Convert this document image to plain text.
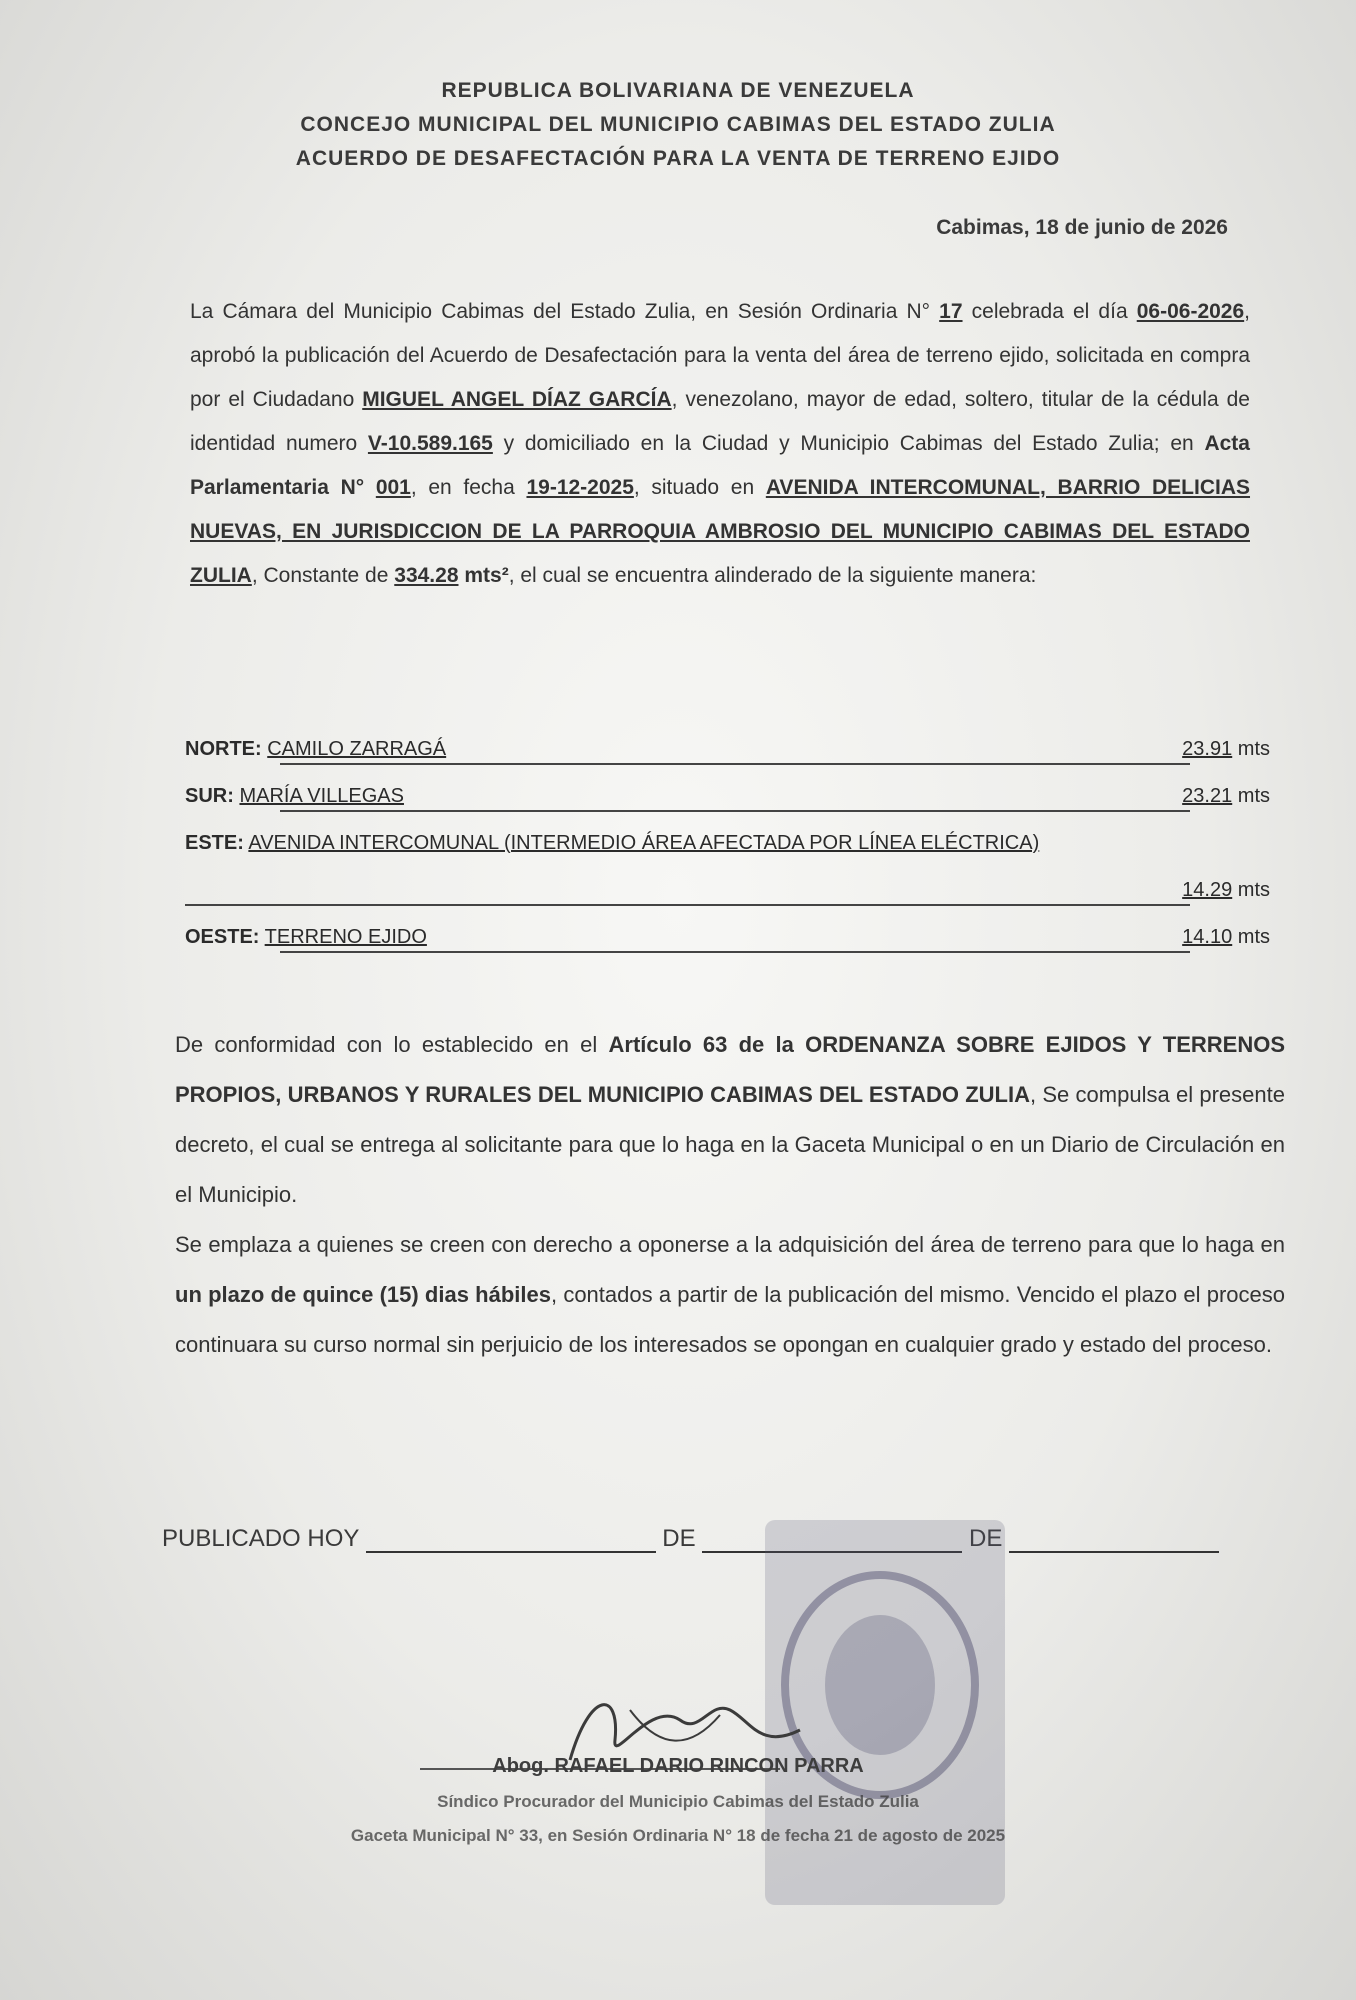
REPUBLICA BOLIVARIANA DE VENEZUELA
CONCEJO MUNICIPAL DEL MUNICIPIO CABIMAS DEL ESTADO ZULIA
ACUERDO DE DESAFECTACIÓN PARA LA VENTA DE TERRENO EJIDO
Cabimas, 18 de junio de 2026
La Cámara del Municipio Cabimas del Estado Zulia, en Sesión Ordinaria N° 17 celebrada el día 06-06-2026, aprobó la publicación del Acuerdo de Desafectación para la venta del área de terreno ejido, solicitada en compra por el Ciudadano MIGUEL ANGEL DÍAZ GARCÍA, venezolano, mayor de edad, soltero, titular de la cédula de identidad numero V-10.589.165 y domiciliado en la Ciudad y Municipio Cabimas del Estado Zulia; en Acta Parlamentaria N° 001, en fecha 19-12-2025, situado en AVENIDA INTERCOMUNAL, BARRIO DELICIAS NUEVAS, EN JURISDICCION DE LA PARROQUIA AMBROSIO DEL MUNICIPIO CABIMAS DEL ESTADO ZULIA, Constante de 334.28 mts², el cual se encuentra alinderado de la siguiente manera:
NORTE: CAMILO ZARRAGÁ	23.91 mts
SUR: MARÍA VILLEGAS	23.21 mts
ESTE: AVENIDA INTERCOMUNAL (INTERMEDIO ÁREA AFECTADA POR LÍNEA ELÉCTRICA)
14.29 mts
OESTE: TERRENO EJIDO	14.10 mts

De conformidad con lo establecido en el Artículo 63 de la ORDENANZA SOBRE EJIDOS Y TERRENOS PROPIOS, URBANOS Y RURALES DEL MUNICIPIO CABIMAS DEL ESTADO ZULIA, Se compulsa el presente decreto, el cual se entrega al solicitante para que lo haga en la Gaceta Municipal o en un Diario de Circulación en el Municipio.

Se emplaza a quienes se creen con derecho a oponerse a la adquisición del área de terreno para que lo haga en un plazo de quince (15) dias hábiles, contados a partir de la publicación del mismo. Vencido el plazo el proceso continuara su curso normal sin perjuicio de los interesados se opongan en cualquier grado y estado del proceso.

PUBLICADO HOY	DE	DE
Abog. RAFAEL DARIO RINCON PARRA
Síndico Procurador del Municipio Cabimas del Estado Zulia
Gaceta Municipal N° 33, en Sesión Ordinaria N° 18 de fecha 21 de agosto de 2025
